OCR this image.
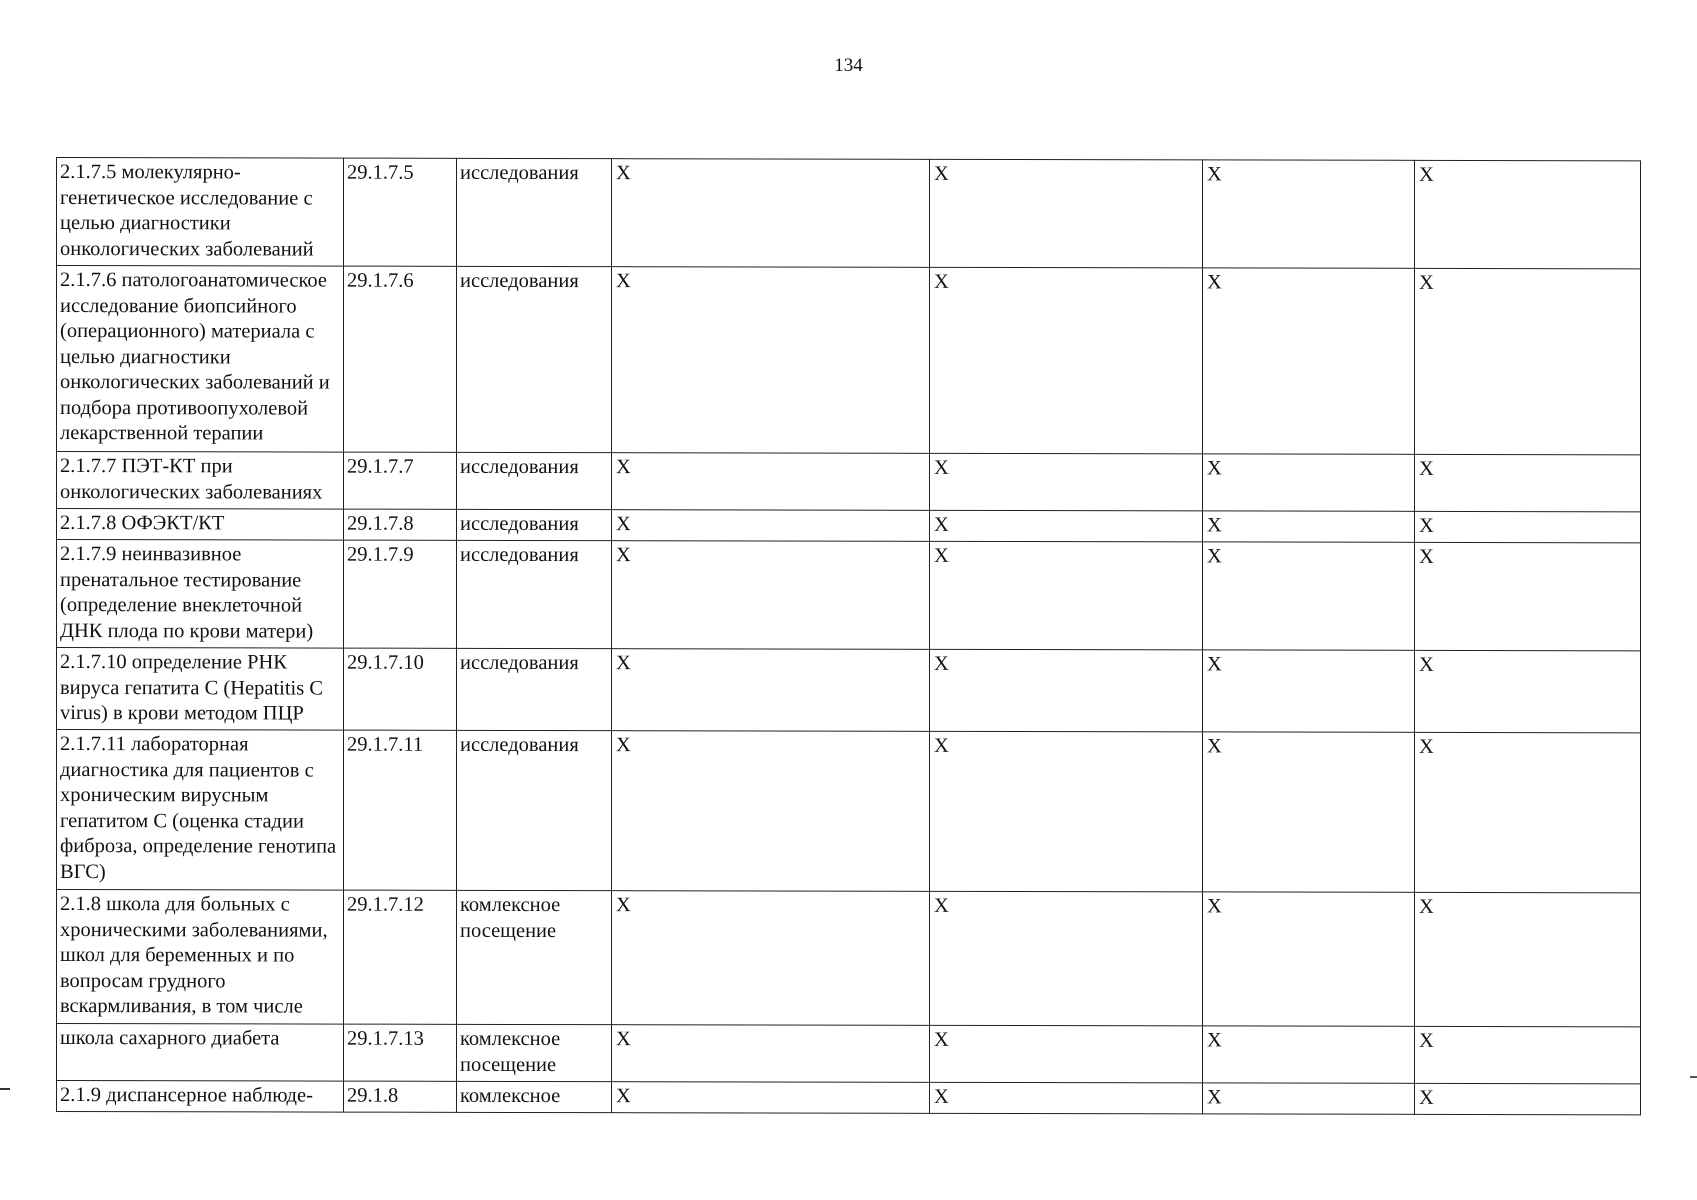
134
2.1.7.5 молекулярно-генетическое исследование с целью диагностики онкологических заболеваний	29.1.7.5	исследования	X	X	X	X
2.1.7.6 патологоанатомическое исследование биопсийного (операционного) материала с целью диагностики онкологических заболеваний и подбора противоопухолевой лекарственной терапии	29.1.7.6	исследования	X	X	X	X
2.1.7.7 ПЭТ-КТ при онкологических заболеваниях	29.1.7.7	исследования	X	X	X	X
2.1.7.8 ОФЭКТ/КТ	29.1.7.8	исследования	X	X	X	X
2.1.7.9 неинвазивное пренатальное тестирование (определение внеклеточной ДНК плода по крови матери)	29.1.7.9	исследования	X	X	X	X
2.1.7.10 определение РНК вируса гепатита С (Hepatitis C virus) в крови методом ПЦР	29.1.7.10	исследования	X	X	X	X
2.1.7.11 лабораторная диагностика для пациентов с хроническим вирусным гепатитом С (оценка стадии фиброза, определение генотипа ВГС)	29.1.7.11	исследования	X	X	X	X
2.1.8 школа для больных с хроническими заболеваниями, школ для беременных и по вопросам грудного вскармливания, в том числе	29.1.7.12	комлексное посещение	X	X	X	X
школа сахарного диабета	29.1.7.13	комлексное посещение	X	X	X	X
2.1.9 диспансерное наблюде-	29.1.8	комлексное	X	X	X	X
